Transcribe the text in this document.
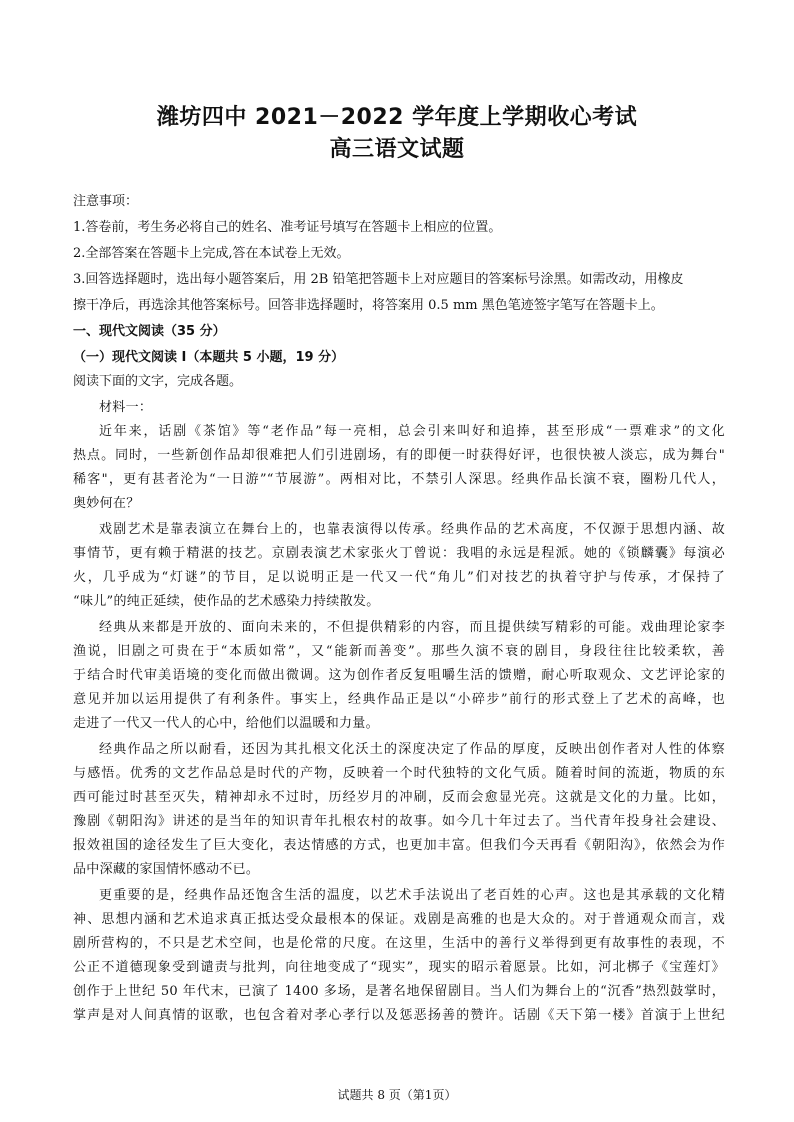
潍坊四中 2021－2022 学年度上学期收心考试
高三语文试题
注意事项：
1.答卷前，考生务必将自己的姓名、准考证号填写在答题卡上相应的位置。
2.全部答案在答题卡上完成,答在本试卷上无效。
3.回答选择题时，选出每小题答案后，用 2B 铅笔把答题卡上对应题目的答案标号涂黑。如需改动，用橡皮
擦干净后，再选涂其他答案标号。回答非选择题时，将答案用 0.5 mm 黑色笔迹签字笔写在答题卡上。
一、现代文阅读（35 分）
（一）现代文阅读 I（本题共 5 小题，19 分）
阅读下面的文字，完成各题。
材料一：
近年来，话剧《茶馆》等“老作品”每一亮相，总会引来叫好和追捧，甚至形成“一票难求”的文化
热点。同时，一些新创作品却很难把人们引进剧场，有的即便一时获得好评，也很快被人淡忘，成为舞台"
稀客"，更有甚者沦为“一日游”“节展游”。两相对比，不禁引人深思。经典作品长演不衰，圈粉几代人，
奥妙何在？
戏剧艺术是靠表演立在舞台上的，也靠表演得以传承。经典作品的艺术高度，不仅源于思想内涵、故
事情节，更有赖于精湛的技艺。京剧表演艺术家张火丁曾说：我唱的永远是程派。她的《锁麟囊》每演必
火，几乎成为“灯谜”的节目，足以说明正是一代又一代“角儿”们对技艺的执着守护与传承，才保持了
“味儿”的纯正延续，使作品的艺术感染力持续散发。
经典从来都是开放的、面向未来的，不但提供精彩的内容，而且提供续写精彩的可能。戏曲理论家李
渔说，旧剧之可贵在于“本质如常”，又“能新而善变”。那些久演不衰的剧目，身段往往比较柔软，善
于结合时代审美语境的变化而做出微调。这为创作者反复咀嚼生活的馈赠，耐心听取观众、文艺评论家的
意见并加以运用提供了有利条件。事实上，经典作品正是以“小碎步”前行的形式登上了艺术的高峰，也
走进了一代又一代人的心中，给他们以温暖和力量。
经典作品之所以耐看，还因为其扎根文化沃土的深度决定了作品的厚度，反映出创作者对人性的体察
与感悟。优秀的文艺作品总是时代的产物，反映着一个时代独特的文化气质。随着时间的流逝，物质的东
西可能过时甚至灭失，精神却永不过时，历经岁月的冲刷，反而会愈显光亮。这就是文化的力量。比如，
豫剧《朝阳沟》讲述的是当年的知识青年扎根农村的故事。如今几十年过去了。当代青年投身社会建设、
报效祖国的途径发生了巨大变化，表达情感的方式，也更加丰富。但我们今天再看《朝阳沟》，依然会为作
品中深藏的家国情怀感动不已。
更重要的是，经典作品还饱含生活的温度，以艺术手法说出了老百姓的心声。这也是其承载的文化精
神、思想内涵和艺术追求真正抵达受众最根本的保证。戏剧是高雅的也是大众的。对于普通观众而言，戏
剧所营构的，不只是艺术空间，也是伦常的尺度。在这里，生活中的善行义举得到更有故事性的表现，不
公正不道德现象受到谴责与批判，向往地变成了“现实”，现实的昭示着愿景。比如，河北梆子《宝莲灯》
创作于上世纪 50 年代末，已演了 1400 多场，是著名地保留剧目。当人们为舞台上的“沉香”热烈鼓掌时，
掌声是对人间真情的讴歌，也包含着对孝心孝行以及惩恶扬善的赞许。话剧《天下第一楼》首演于上世纪
试题共 8 页（第1页）
